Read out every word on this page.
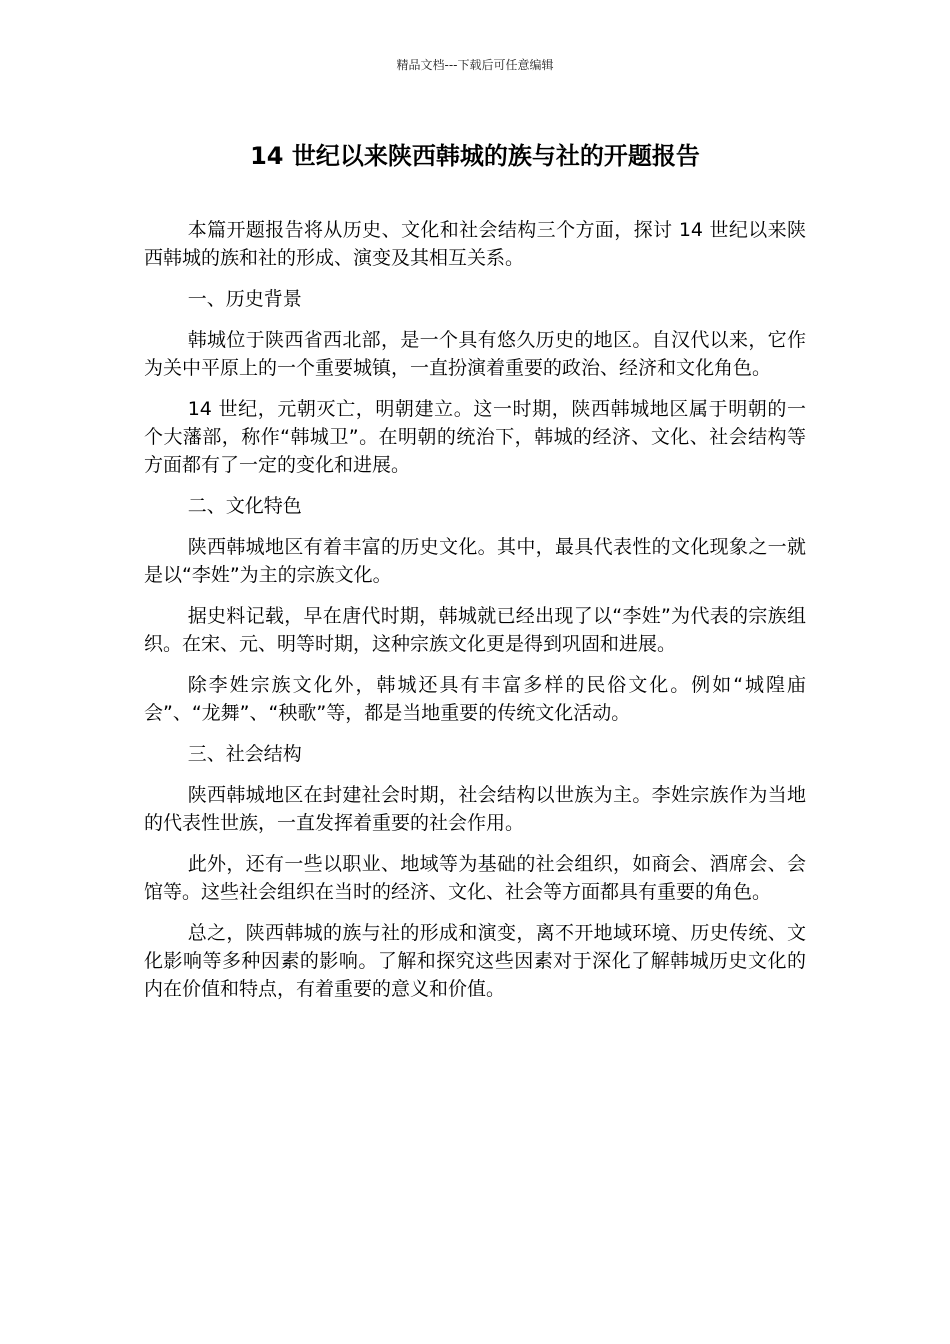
精品文档---下载后可任意编辑
14 世纪以来陕西韩城的族与社的开题报告

本篇开题报告将从历史、文化和社会结构三个方面，探讨 14 世纪以来陕西韩城的族和社的形成、演变及其相互关系。

一、历史背景

韩城位于陕西省西北部，是一个具有悠久历史的地区。自汉代以来，它作为关中平原上的一个重要城镇，一直扮演着重要的政治、经济和文化角色。

14 世纪，元朝灭亡，明朝建立。这一时期，陕西韩城地区属于明朝的一个大藩部，称作“韩城卫”。在明朝的统治下，韩城的经济、文化、社会结构等方面都有了一定的变化和进展。

二、文化特色

陕西韩城地区有着丰富的历史文化。其中，最具代表性的文化现象之一就是以“李姓”为主的宗族文化。

据史料记载，早在唐代时期，韩城就已经出现了以“李姓”为代表的宗族组织。在宋、元、明等时期，这种宗族文化更是得到巩固和进展。

除李姓宗族文化外，韩城还具有丰富多样的民俗文化。例如“城隍庙会”、“龙舞”、“秧歌”等，都是当地重要的传统文化活动。

三、社会结构

陕西韩城地区在封建社会时期，社会结构以世族为主。李姓宗族作为当地的代表性世族，一直发挥着重要的社会作用。

此外，还有一些以职业、地域等为基础的社会组织，如商会、酒席会、会馆等。这些社会组织在当时的经济、文化、社会等方面都具有重要的角色。

总之，陕西韩城的族与社的形成和演变，离不开地域环境、历史传统、文化影响等多种因素的影响。了解和探究这些因素对于深化了解韩城历史文化的内在价值和特点，有着重要的意义和价值。
